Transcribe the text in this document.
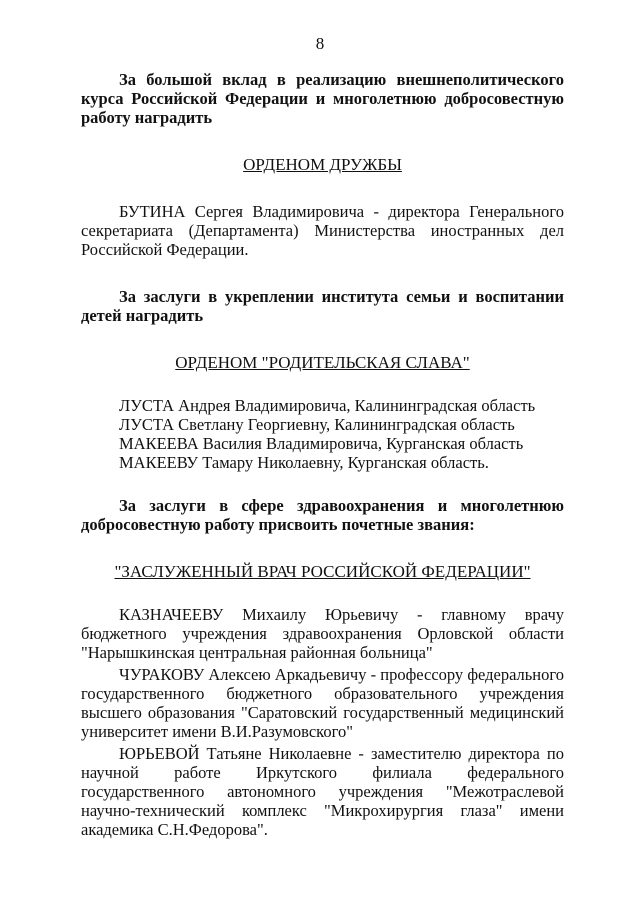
8

За большой вклад в реализацию внешнеполитического курса Российской Федерации и многолетнюю добросовестную работу наградить

ОРДЕНОМ ДРУЖБЫ

БУТИНА Сергея Владимировича - директора Генерального секретариата (Департамента) Министерства иностранных дел Российской Федерации.

За заслуги в укреплении института семьи и воспитании детей наградить

ОРДЕНОМ "РОДИТЕЛЬСКАЯ СЛАВА"

ЛУСТА Андрея Владимировича, Калининградская область
ЛУСТА Светлану Георгиевну, Калининградская область
МАКЕЕВА Василия Владимировича, Курганская область
МАКЕЕВУ Тамару Николаевну, Курганская область.

За заслуги в сфере здравоохранения и многолетнюю добросовестную работу присвоить почетные звания:

"ЗАСЛУЖЕННЫЙ ВРАЧ РОССИЙСКОЙ ФЕДЕРАЦИИ"

КАЗНАЧЕЕВУ Михаилу Юрьевичу - главному врачу бюджетного учреждения здравоохранения Орловской области "Нарышкинская центральная районная больница"

ЧУРАКОВУ Алексею Аркадьевичу - профессору федерального государственного бюджетного образовательного учреждения высшего образования "Саратовский государственный медицинский университет имени В.И.Разумовского"

ЮРЬЕВОЙ Татьяне Николаевне - заместителю директора по научной работе Иркутского филиала федерального государственного автономного учреждения "Межотраслевой научно-технический комплекс "Микрохирургия глаза" имени академика С.Н.Федорова".
